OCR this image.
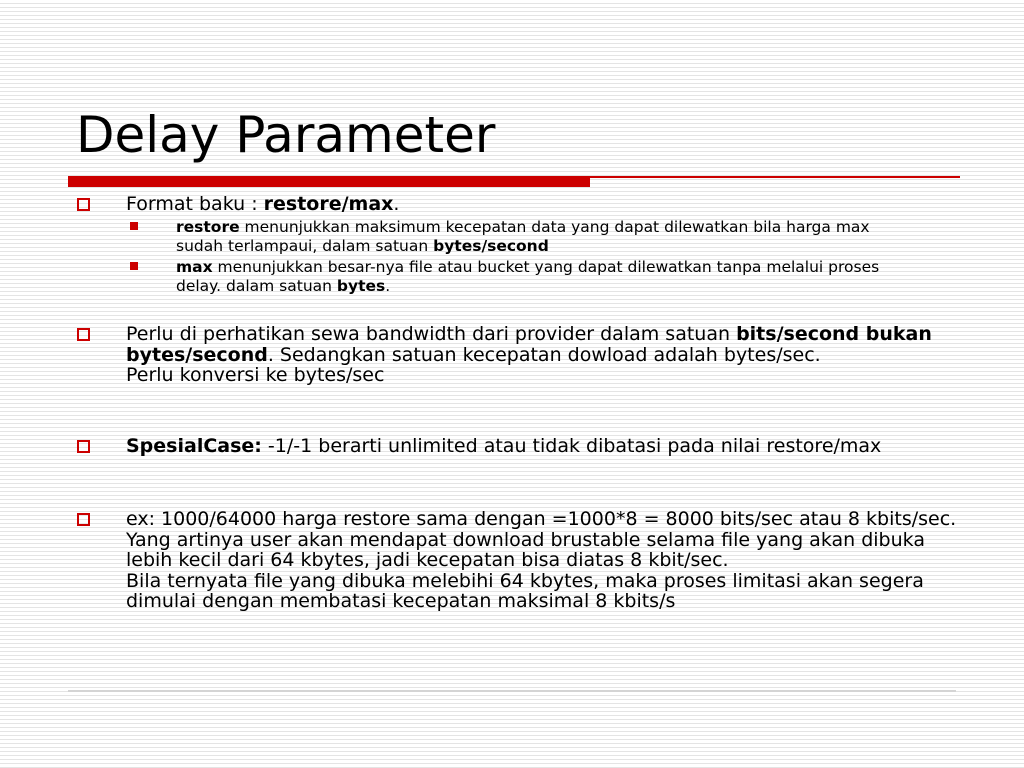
Delay Parameter
Format baku : restore/max.
restore menunjukkan maksimum kecepatan data yang dapat dilewatkan bila harga max sudah terlampaui, dalam satuan bytes/second
max menunjukkan besar-nya file atau bucket yang dapat dilewatkan tanpa melalui proses delay. dalam satuan bytes.
Perlu di perhatikan sewa bandwidth dari provider dalam satuan bits/second bukan bytes/second. Sedangkan satuan kecepatan dowload adalah bytes/sec.
Perlu konversi ke bytes/sec
SpesialCase: -1/-1 berarti unlimited atau tidak dibatasi pada nilai restore/max
ex: 1000/64000 harga restore sama dengan =1000*8 = 8000 bits/sec atau 8 kbits/sec.
Yang artinya user akan mendapat download brustable selama file yang akan dibuka lebih kecil dari 64 kbytes, jadi kecepatan bisa diatas 8 kbit/sec.
Bila ternyata file yang dibuka melebihi 64 kbytes, maka proses limitasi akan segera dimulai dengan membatasi kecepatan maksimal 8 kbits/s
